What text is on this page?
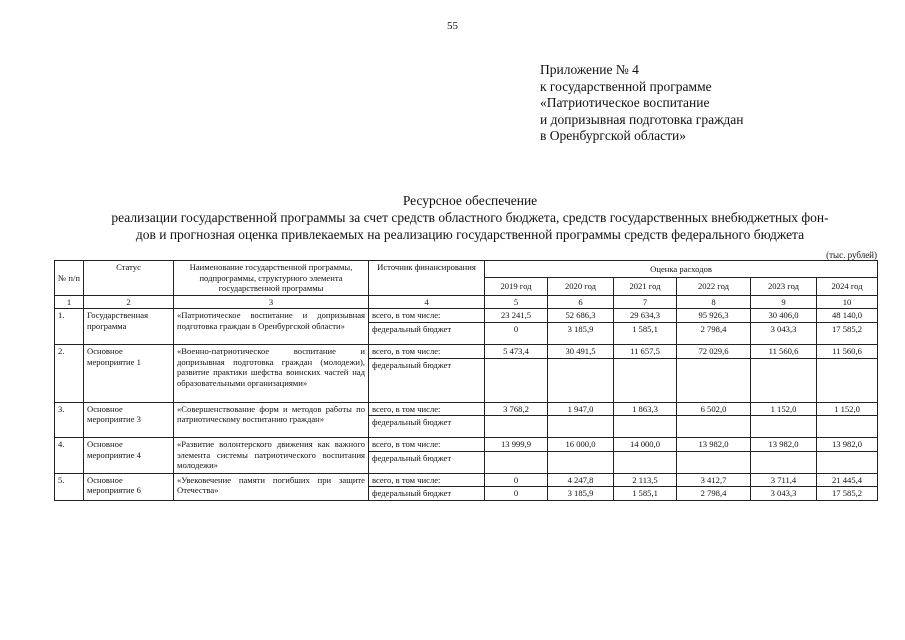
55
Приложение № 4
к государственной программе
«Патриотическое воспитание
и допризывная подготовка граждан
в Оренбургской области»
Ресурсное обеспечение
реализации государственной программы за счет средств областного бюджета, средств государственных внебюджетных фон-
дов и прогнозная оценка привлекаемых на реализацию государственной программы средств федерального бюджета
(тыс. рублей)
№ п/п	Статус	Наименование государственной программы, подпрограммы, структурного элемента государственной программы	Источник финансирования	Оценка расходов					
				2019 год	2020 год	2021 год	2022 год	2023 год	2024 год
1	2	3	4	5	6	7	8	9	10
1.	Государственная программа	«Патриотическое воспитание и допризывная подготовка граждан в Оренбургской области»	всего, в том числе:	23 241,5	52 686,3	29 634,3	95 926,3	30 406,0	48 140,0
			федеральный бюджет	0	3 185,9	1 585,1	2 798,4	3 043,3	17 585,2
2.	Основное мероприятие 1	«Военно-патриотическое воспитание и допризывная подготовка граждан (молодежи), развитие практики шефства воинских частей над образовательными организациями»	всего, в том числе:	5 473,4	30 491,5	11 657,5	72 029,6	11 560,6	11 560,6
			федеральный бюджет						
3.	Основное мероприятие 3	«Совершенствование форм и методов работы по патриотическому воспитанию граждан»	всего, в том числе:	3 768,2	1 947,0	1 863,3	6 502,0	1 152,0	1 152,0
			федеральный бюджет						
4.	Основное мероприятие 4	«Развитие волонтерского движения как важного элемента системы патриотического воспитания молодежи»	всего, в том числе:	13 999,9	16 000,0	14 000,0	13 982,0	13 982,0	13 982,0
			федеральный бюджет						
5.	Основное мероприятие 6	«Увековечение памяти погибших при защите Отечества»	всего, в том числе:	0	4 247,8	2 113,5	3 412,7	3 711,4	21 445,4
			федеральный бюджет	0	3 185,9	1 585,1	2 798,4	3 043,3	17 585,2
